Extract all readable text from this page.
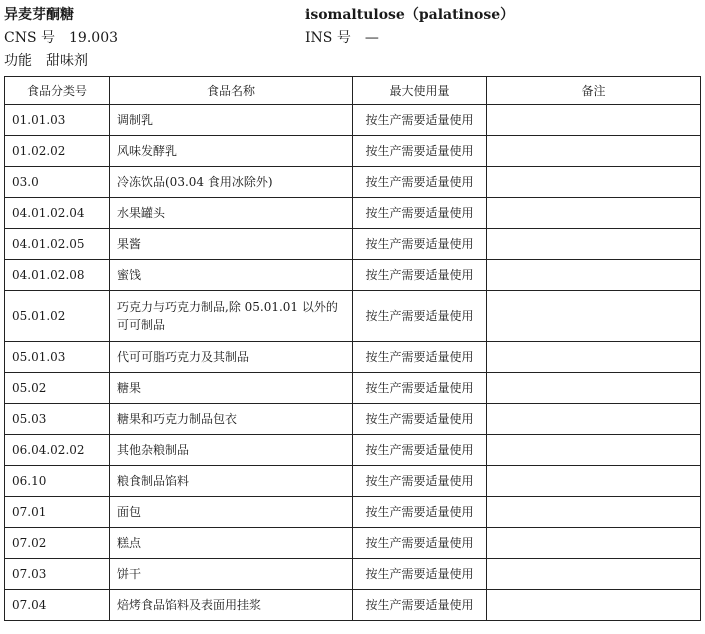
异麦芽酮糖	isomaltulose（palatinose）
CNS 号 19.003	INS 号 —
功能 甜味剂
食品分类号	食品名称	最大使用量	备注
01.01.03	调制乳	按生产需要适量使用	
01.02.02	风味发酵乳	按生产需要适量使用	
03.0	冷冻饮品(03.04 食用冰除外)	按生产需要适量使用	
04.01.02.04	水果罐头	按生产需要适量使用	
04.01.02.05	果酱	按生产需要适量使用	
04.01.02.08	蜜饯	按生产需要适量使用	
05.01.02	巧克力与巧克力制品,除 05.01.01 以外的可可制品	按生产需要适量使用	
05.01.03	代可可脂巧克力及其制品	按生产需要适量使用	
05.02	糖果	按生产需要适量使用	
05.03	糖果和巧克力制品包衣	按生产需要适量使用	
06.04.02.02	其他杂粮制品	按生产需要适量使用	
06.10	粮食制品馅料	按生产需要适量使用	
07.01	面包	按生产需要适量使用	
07.02	糕点	按生产需要适量使用	
07.03	饼干	按生产需要适量使用	
07.04	焙烤食品馅料及表面用挂浆	按生产需要适量使用	
